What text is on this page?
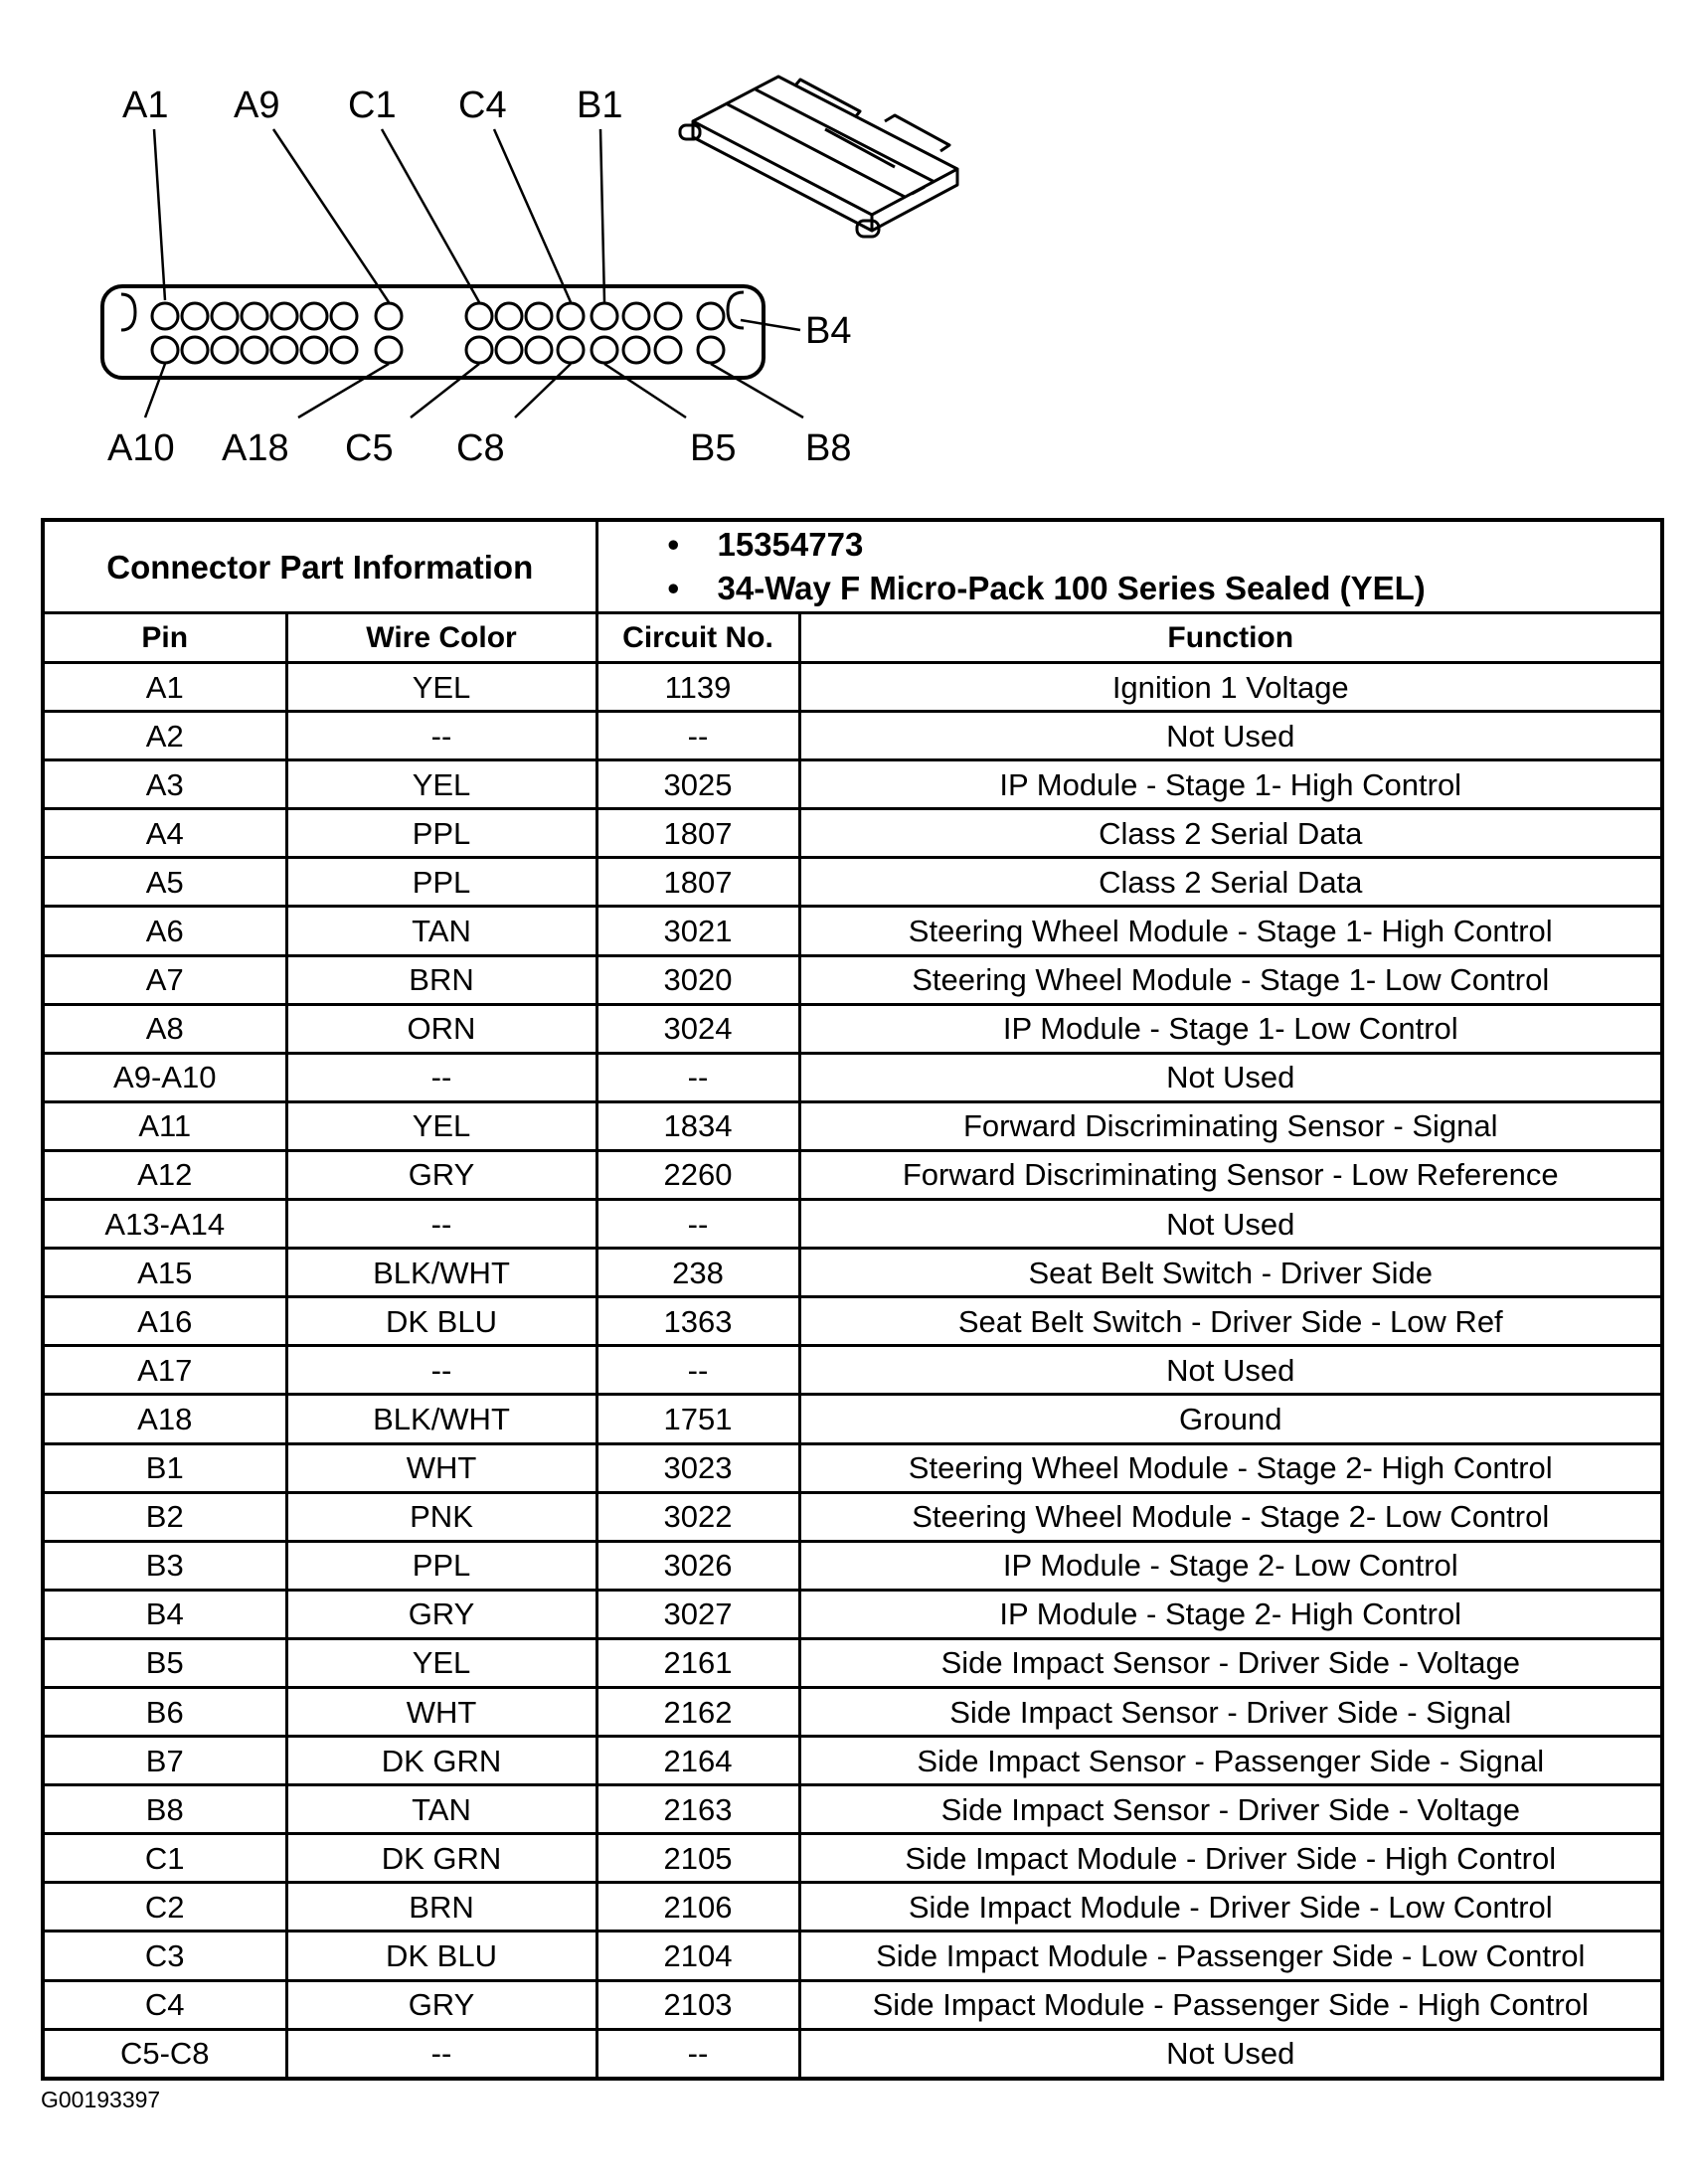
A1 A9 C1 C4 B1
B4
A10 A18 C5 C8	B5 B8
Connector Part Information		• 15354773
• 34-Way F Micro-Pack 100 Series Sealed (YEL)	

Pin	Wire Color	Circuit No.	Function
A1	YEL	1139	Ignition 1 Voltage
A2	--	--	Not Used
A3	YEL	3025	IP Module - Stage 1- High Control
A4	PPL	1807	Class 2 Serial Data
A5	PPL	1807	Class 2 Serial Data
A6	TAN	3021	Steering Wheel Module - Stage 1- High Control
A7	BRN	3020	Steering Wheel Module - Stage 1- Low Control
A8	ORN	3024	IP Module - Stage 1- Low Control
A9-A10	--	--	Not Used
A11	YEL	1834	Forward Discriminating Sensor - Signal
A12	GRY	2260	Forward Discriminating Sensor - Low Reference
A13-A14	--	--	Not Used
A15	BLK/WHT	238	Seat Belt Switch - Driver Side
A16	DK BLU	1363	Seat Belt Switch - Driver Side - Low Ref
A17	--	--	Not Used
A18	BLK/WHT	1751	Ground
B1	WHT	3023	Steering Wheel Module - Stage 2- High Control
B2	PNK	3022	Steering Wheel Module - Stage 2- Low Control
B3	PPL	3026	IP Module - Stage 2- Low Control
B4	GRY	3027	IP Module - Stage 2- High Control
B5	YEL	2161	Side Impact Sensor - Driver Side - Voltage
B6	WHT	2162	Side Impact Sensor - Driver Side - Signal
B7	DK GRN	2164	Side Impact Sensor - Passenger Side - Signal
B8	TAN	2163	Side Impact Sensor - Driver Side - Voltage
C1	DK GRN	2105	Side Impact Module - Driver Side - High Control
C2	BRN	2106	Side Impact Module - Driver Side - Low Control
C3	DK BLU	2104	Side Impact Module - Passenger Side - Low Control
C4	GRY	2103	Side Impact Module - Passenger Side - High Control
C5-C8	--	--	Not Used
G00193397
